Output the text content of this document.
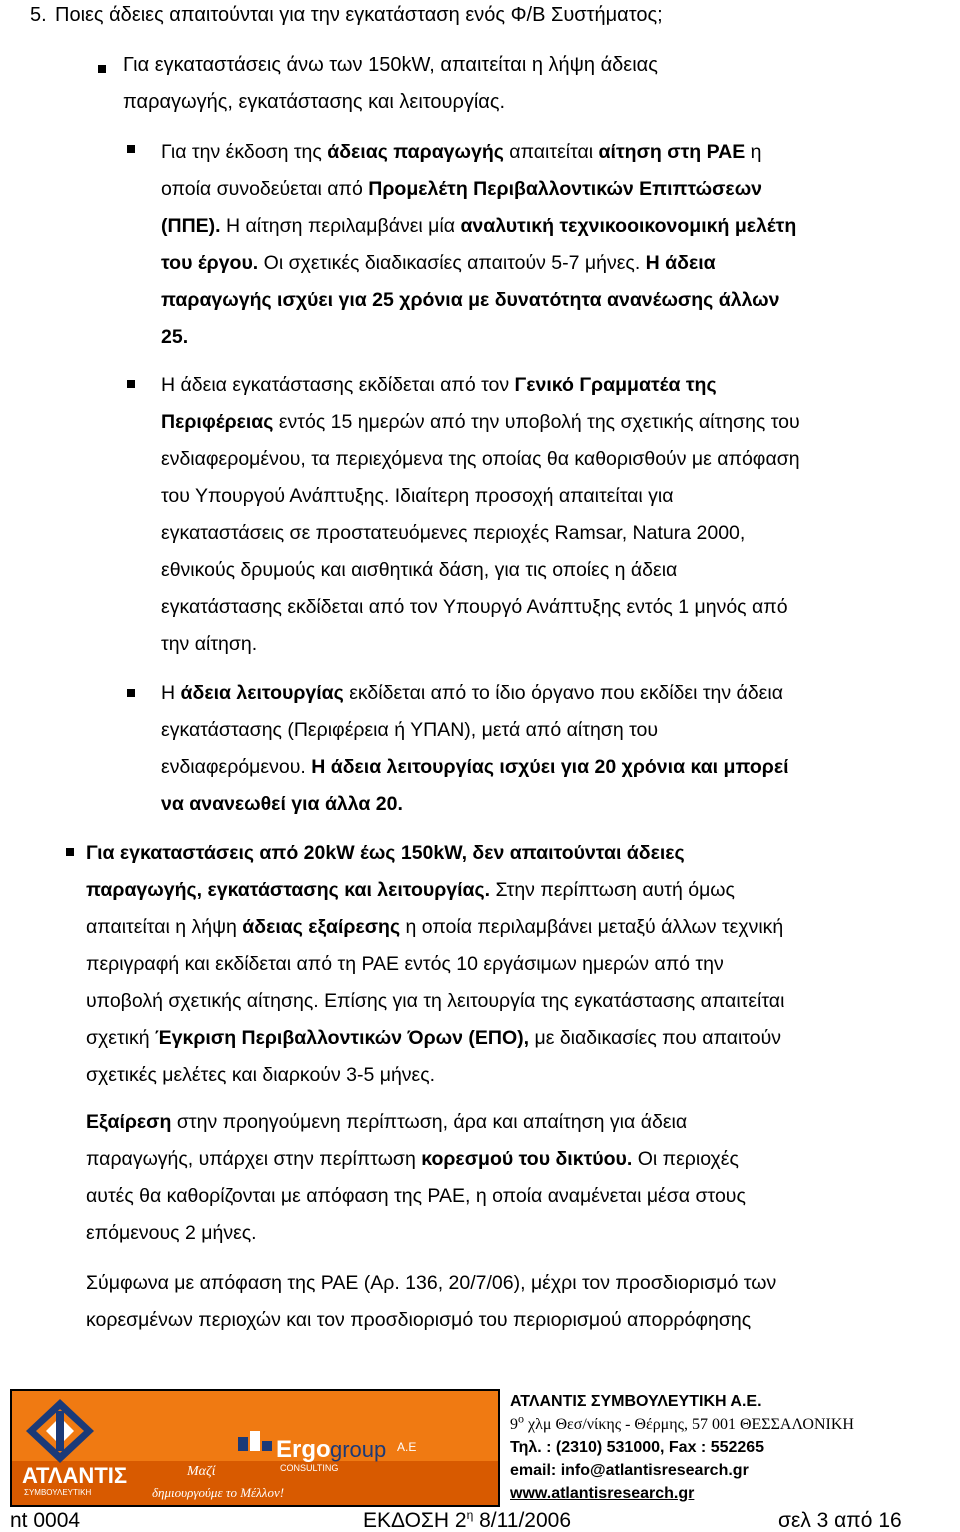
5. Ποιες άδειες απαιτούνται για την εγκατάσταση ενός Φ/Β Συστήματος;
Για εγκαταστάσεις άνω των 150kW, απαιτείται η λήψη άδειας
παραγωγής, εγκατάστασης και λειτουργίας.
Για την έκδοση της άδειας παραγωγής απαιτείται αίτηση στη ΡΑΕ η
οποία συνοδεύεται από Προμελέτη Περιβαλλοντικών Επιπτώσεων
(ΠΠΕ). Η αίτηση περιλαμβάνει μία αναλυτική τεχνικοοικονομική μελέτη
του έργου. Οι σχετικές διαδικασίες απαιτούν 5-7 μήνες. Η άδεια
παραγωγής ισχύει για 25 χρόνια με δυνατότητα ανανέωσης άλλων
25.
Η άδεια εγκατάστασης εκδίδεται από τον Γενικό Γραμματέα της
Περιφέρειας εντός 15 ημερών από την υποβολή της σχετικής αίτησης του
ενδιαφερομένου, τα περιεχόμενα της οποίας θα καθορισθούν με απόφαση
του Υπουργού Ανάπτυξης. Ιδιαίτερη προσοχή απαιτείται για
εγκαταστάσεις σε προστατευόμενες περιοχές Ramsar, Natura 2000,
εθνικούς δρυμούς και αισθητικά δάση, για τις οποίες η άδεια
εγκατάστασης εκδίδεται από τον Υπουργό Ανάπτυξης εντός 1 μηνός από
την αίτηση.
Η άδεια λειτουργίας εκδίδεται από το ίδιο όργανο που εκδίδει την άδεια
εγκατάστασης (Περιφέρεια ή ΥΠΑΝ), μετά από αίτηση του
ενδιαφερόμενου. Η άδεια λειτουργίας ισχύει για 20 χρόνια και μπορεί
να ανανεωθεί για άλλα 20.
Για εγκαταστάσεις από 20kW έως 150kW, δεν απαιτούνται άδειες
παραγωγής, εγκατάστασης και λειτουργίας. Στην περίπτωση αυτή όμως
απαιτείται η λήψη άδειας εξαίρεσης η οποία περιλαμβάνει μεταξύ άλλων τεχνική
περιγραφή και εκδίδεται από τη ΡΑΕ εντός 10 εργάσιμων ημερών από την
υποβολή σχετικής αίτησης. Επίσης για τη λειτουργία της εγκατάστασης απαιτείται
σχετική Έγκριση Περιβαλλοντικών Όρων (ΕΠΟ), με διαδικασίες που απαιτούν
σχετικές μελέτες και διαρκούν 3-5 μήνες.
Εξαίρεση στην προηγούμενη περίπτωση, άρα και απαίτηση για άδεια
παραγωγής, υπάρχει στην περίπτωση κορεσμού του δικτύου. Οι περιοχές
αυτές θα καθορίζονται με απόφαση της ΡΑΕ, η οποία αναμένεται μέσα στους
επόμενους 2 μήνες.
Σύμφωνα με απόφαση της ΡΑΕ (Αρ. 136, 20/7/06), μέχρι τον προσδιορισμό των
κορεσμένων περιοχών και τον προσδιορισμό του περιορισμού απορρόφησης
ΑΤΛΑΝΤΙΣ
ΣΥΜΒΟΥΛΕΥΤΙΚΗ
Μαζί
δημιουργούμε το Μέλλον!
Ergo group Α.Ε
CONSULTING
ΑΤΛΑΝΤΙΣ ΣΥΜΒΟΥΛΕΥΤΙΚΗ Α.Ε.
$9^o$ χλμ Θεσ/νίκης - Θέρμης, 57 001 ΘΕΣΣΑΛΟΝΙΚΗ
Τηλ. : (2310) 531000, Fax : 552265
email: info@atlantisresearch.gr
www.atlantisresearch.gr
nt 0004	ΕΚΔΟΣΗ $2^\eta$ 8/11/2006	σελ 3 από 16
